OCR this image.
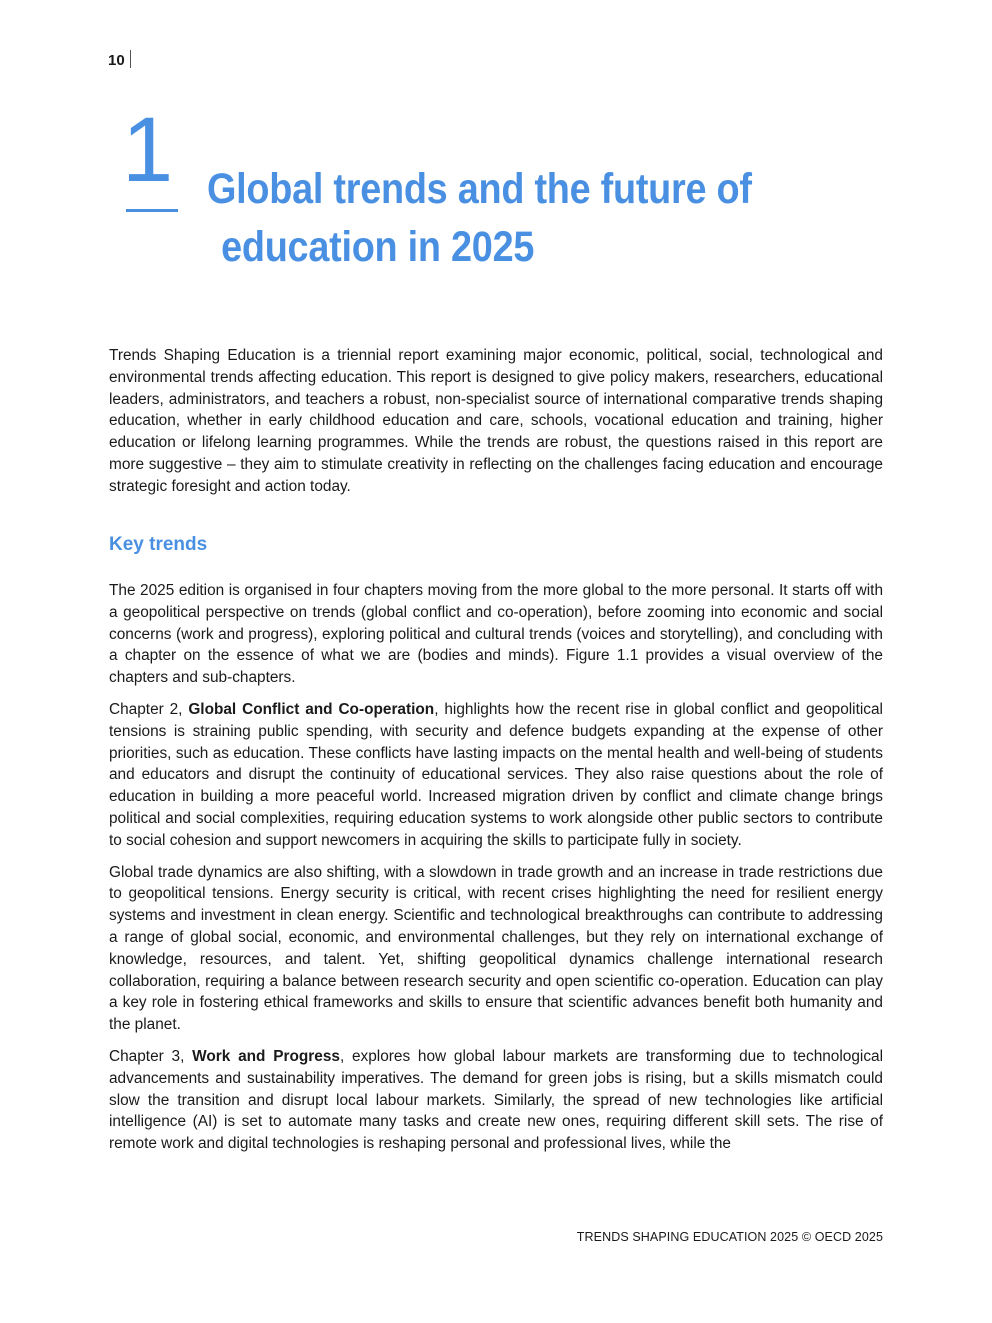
10
1 Global trends and the future of
education in 2025

Trends Shaping Education is a triennial report examining major economic, political, social, technological and environmental trends affecting education. This report is designed to give policy makers, researchers, educational leaders, administrators, and teachers a robust, non-specialist source of international comparative trends shaping education, whether in early childhood education and care, schools, vocational education and training, higher education or lifelong learning programmes. While the trends are robust, the questions raised in this report are more suggestive – they aim to stimulate creativity in reflecting on the challenges facing education and encourage strategic foresight and action today.

Key trends

The 2025 edition is organised in four chapters moving from the more global to the more personal. It starts off with a geopolitical perspective on trends (global conflict and co-operation), before zooming into economic and social concerns (work and progress), exploring political and cultural trends (voices and storytelling), and concluding with a chapter on the essence of what we are (bodies and minds). Figure 1.1 provides a visual overview of the chapters and sub-chapters.

Chapter 2, Global Conflict and Co-operation, highlights how the recent rise in global conflict and geopolitical tensions is straining public spending, with security and defence budgets expanding at the expense of other priorities, such as education. These conflicts have lasting impacts on the mental health and well-being of students and educators and disrupt the continuity of educational services. They also raise questions about the role of education in building a more peaceful world. Increased migration driven by conflict and climate change brings political and social complexities, requiring education systems to work alongside other public sectors to contribute to social cohesion and support newcomers in acquiring the skills to participate fully in society.

Global trade dynamics are also shifting, with a slowdown in trade growth and an increase in trade restrictions due to geopolitical tensions. Energy security is critical, with recent crises highlighting the need for resilient energy systems and investment in clean energy. Scientific and technological breakthroughs can contribute to addressing a range of global social, economic, and environmental challenges, but they rely on international exchange of knowledge, resources, and talent. Yet, shifting geopolitical dynamics challenge international research collaboration, requiring a balance between research security and open scientific co-operation. Education can play a key role in fostering ethical frameworks and skills to ensure that scientific advances benefit both humanity and the planet.

Chapter 3, Work and Progress, explores how global labour markets are transforming due to technological advancements and sustainability imperatives. The demand for green jobs is rising, but a skills mismatch could slow the transition and disrupt local labour markets. Similarly, the spread of new technologies like artificial intelligence (AI) is set to automate many tasks and create new ones, requiring different skill sets. The rise of remote work and digital technologies is reshaping personal and professional lives, while the

TRENDS SHAPING EDUCATION 2025 © OECD 2025
